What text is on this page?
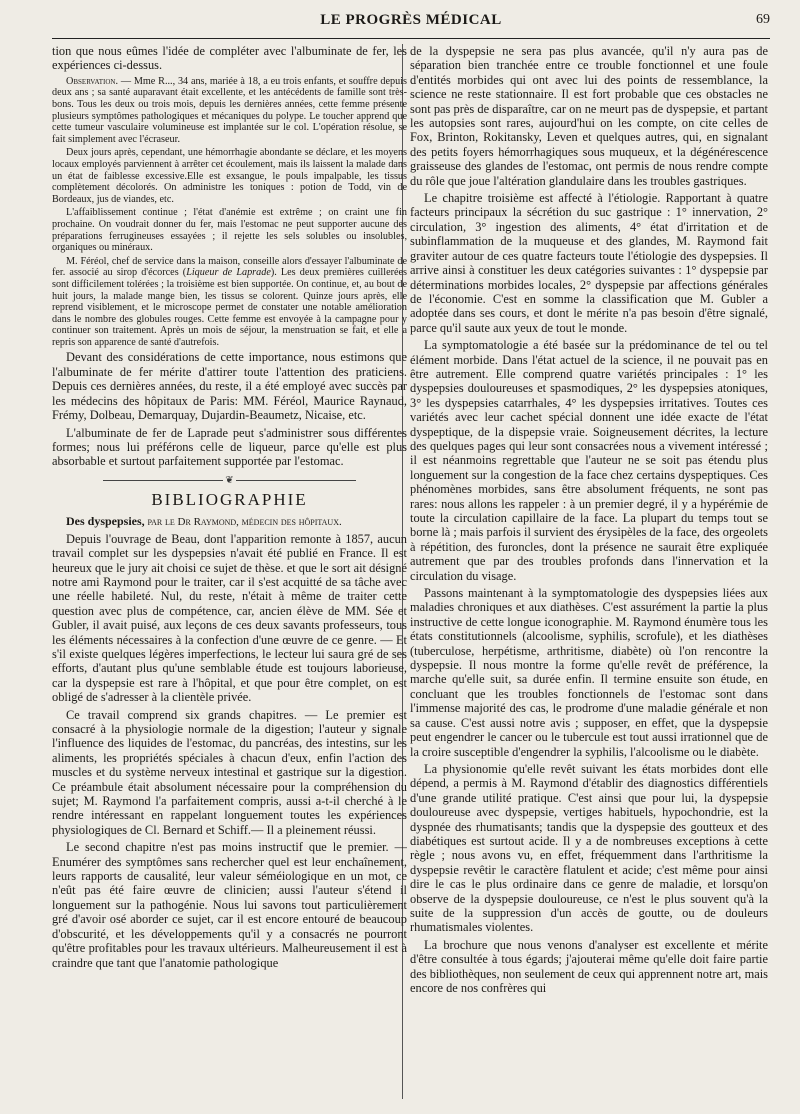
LE PROGRÈS MÉDICAL	69

tion que nous eûmes l'idée de compléter avec l'albuminate de fer, les expériences ci-dessus.

Observation. — Mme R..., 34 ans, mariée à 18, a eu trois enfants, et souffre depuis deux ans ; sa santé auparavant était excellente, et les antécédents de famille sont très-bons. Tous les deux ou trois mois, depuis les dernières années, cette femme présente plusieurs symptômes pathologiques et mécaniques du polype. Le toucher apprend que cette tumeur vasculaire volumineuse est implantée sur le col. L'opération résolue, se fait simplement avec l'écraseur.

Deux jours après, cependant, une hémorrhagie abondante se déclare, et les moyens locaux employés parviennent à arrêter cet écoulement, mais ils laissent la malade dans un état de faiblesse excessive.Elle est exsangue, le pouls impalpable, les tissus complètement décolorés. On administre les toniques : potion de Todd, vin de Bordeaux, jus de viandes, etc.

L'affaiblissement continue ; l'état d'anémie est extrême ; on craint une fin prochaine. On voudrait donner du fer, mais l'estomac ne peut supporter aucune des préparations ferrugineuses essayées ; il rejette les sels solubles ou insolubles, organiques ou minéraux.

M. Féréol, chef de service dans la maison, conseille alors d'essayer l'albuminate de fer. associé au sirop d'écorces (Liqueur de Laprade). Les deux premières cuillerées sont difficilement tolérées ; la troisième est bien supportée. On continue, et, au bout de huit jours, la malade mange bien, les tissus se colorent. Quinze jours après, elle reprend visiblement, et le microscope permet de constater une notable amélioration dans le nombre des globules rouges. Cette femme est envoyée à la campagne pour y continuer son traitement. Après un mois de séjour, la menstruation se fait, et elle a repris son apparence de santé d'autrefois.

Devant des considérations de cette importance, nous estimons que l'albuminate de fer mérite d'attirer toute l'attention des praticiens. Depuis ces dernières années, du reste, il a été employé avec succès par les médecins des hôpitaux de Paris: MM. Féréol, Maurice Raynaud, Frémy, Dolbeau, Demarquay, Dujardin-Beaumetz, Nicaise, etc.

L'albuminate de fer de Laprade peut s'administrer sous différentes formes; nous lui préférons celle de liqueur, parce qu'elle est plus absorbable et surtout parfaitement supportée par l'estomac.

❦
BIBLIOGRAPHIE

Des dyspepsies, par le Dr Raymond, médecin des hôpitaux.

Depuis l'ouvrage de Beau, dont l'apparition remonte à 1857, aucun travail complet sur les dyspepsies n'avait été publié en France. Il est heureux que le jury ait choisi ce sujet de thèse. et que le sort ait désigné notre ami Raymond pour le traiter, car il s'est acquitté de sa tâche avec une réelle habileté. Nul, du reste, n'était à même de traiter cette question avec plus de compétence, car, ancien élève de MM. Sée et Gubler, il avait puisé, aux leçons de ces deux savants professeurs, tous les éléments nécessaires à la confection d'une œuvre de ce genre. — Et s'il existe quelques légères imperfections, le lecteur lui saura gré de ses efforts, d'autant plus qu'une semblable étude est toujours laborieuse, car la dyspepsie est rare à l'hôpital, et que pour être complet, on est obligé de s'adresser à la clientèle privée.

Ce travail comprend six grands chapitres. — Le premier est consacré à la physiologie normale de la digestion; l'auteur y signale l'influence des liquides de l'estomac, du pancréas, des intestins, sur les aliments, les propriétés spéciales à chacun d'eux, enfin l'action des muscles et du système nerveux intestinal et gastrique sur la digestion. Ce préambule était absolument nécessaire pour la compréhension du sujet; M. Raymond l'a parfaitement compris, aussi a-t-il cherché à le rendre intéressant en rappelant longuement toutes les expériences physiologiques de Cl. Bernard et Schiff.— Il a pleinement réussi.

Le second chapitre n'est pas moins instructif que le premier. — Enumérer des symptômes sans rechercher quel est leur enchaînement, leurs rapports de causalité, leur valeur séméiologique en un mot, ce n'eût pas été faire œuvre de clinicien; aussi l'auteur s'étend il longuement sur la pathogénie. Nous lui savons tout particulièrement gré d'avoir osé aborder ce sujet, car il est encore entouré de beaucoup d'obscurité, et les développements qu'il y a consacrés ne pourront qu'être profitables pour les travaux ultérieurs. Malheureusement il est à craindre que tant que l'anatomie pathologique

de la dyspepsie ne sera pas plus avancée, qu'il n'y aura pas de séparation bien tranchée entre ce trouble fonctionnel et une foule d'entités morbides qui ont avec lui des points de ressemblance, la science ne reste stationnaire. Il est fort probable que ces obstacles ne sont pas près de disparaître, car on ne meurt pas de dyspepsie, et partant les autopsies sont rares, aujourd'hui on les compte, on cite celles de Fox, Brinton, Rokitansky, Leven et quelques autres, qui, en signalant des petits foyers hémorrhagiques sous muqueux, et la dégénérescence graisseuse des glandes de l'estomac, ont permis de nous rendre compte du rôle que joue l'altération glandulaire dans les troubles gastriques.

Le chapitre troisième est affecté à l'étiologie. Rapportant à quatre facteurs principaux la sécrétion du suc gastrique : 1° innervation, 2° circulation, 3° ingestion des aliments, 4° état d'irritation et de subinflammation de la muqueuse et des glandes, M. Raymond fait graviter autour de ces quatre facteurs toute l'étiologie des dyspepsies. Il arrive ainsi à constituer les deux catégories suivantes : 1° dyspepsie par déterminations morbides locales, 2° dyspepsie par affections générales de l'économie. C'est en somme la classification que M. Gubler a adoptée dans ses cours, et dont le mérite n'a pas besoin d'être signalé, parce qu'il saute aux yeux de tout le monde.

La symptomatologie a été basée sur la prédominance de tel ou tel élément morbide. Dans l'état actuel de la science, il ne pouvait pas en être autrement. Elle comprend quatre variétés principales : 1° les dyspepsies douloureuses et spasmodiques, 2° les dyspepsies atoniques, 3° les dyspepsies catarrhales, 4° les dyspepsies irritatives. Toutes ces variétés avec leur cachet spécial donnent une idée exacte de l'état dyspeptique, de la dispepsie vraie. Soigneusement décrites, la lecture des quelques pages qui leur sont consacrées nous a vivement intéressé ; il est néanmoins regrettable que l'auteur ne se soit pas étendu plus longuement sur la congestion de la face chez certains dyspeptiques. Ces phénomènes morbides, sans être absolument fréquents, ne sont pas rares: nous allons les rappeler : à un premier degré, il y a hypérémie de toute la circulation capillaire de la face. La plupart du temps tout se borne là ; mais parfois il survient des érysipèles de la face, des orgeolets à répétition, des furoncles, dont la présence ne saurait être expliquée autrement que par des troubles profonds dans l'innervation et la circulation du visage.

Passons maintenant à la symptomatologie des dyspepsies liées aux maladies chroniques et aux diathèses. C'est assurément la partie la plus instructive de cette longue iconographie. M. Raymond énumère tous les états constitutionnels (alcoolisme, syphilis, scrofule), et les diathèses (tuberculose, herpétisme, arthritisme, diabète) où l'on rencontre la dyspepsie. Il nous montre la forme qu'elle revêt de préférence, la marche qu'elle suit, sa durée enfin. Il termine ensuite son étude, en concluant que les troubles fonctionnels de l'estomac sont dans l'immense majorité des cas, le prodrome d'une maladie générale et non sa cause. C'est aussi notre avis ; supposer, en effet, que la dyspepsie peut engendrer le cancer ou le tubercule est tout aussi irrationnel que de la croire susceptible d'engendrer la syphilis, l'alcoolisme ou le diabète.

La physionomie qu'elle revêt suivant les états morbides dont elle dépend, a permis à M. Raymond d'établir des diagnostics différentiels d'une grande utilité pratique. C'est ainsi que pour lui, la dyspepsie douloureuse avec dyspepsie, vertiges habituels, hypochondrie, est la dyspnée des rhumatisants; tandis que la dyspepsie des goutteux et des diabétiques est surtout acide. Il y a de nombreuses exceptions à cette règle ; nous avons vu, en effet, fréquemment dans l'arthritisme la dyspepsie revêtir le caractère flatulent et acide; c'est même pour ainsi dire le cas le plus ordinaire dans ce genre de maladie, et lorsqu'on observe de la dyspepsie douloureuse, ce n'est le plus souvent qu'à la suite de la suppression d'un accès de goutte, ou de douleurs rhumatismales violentes.

La brochure que nous venons d'analyser est excellente et mérite d'être consultée à tous égards; j'ajouterai même qu'elle doit faire partie des bibliothèques, non seulement de ceux qui apprennent notre art, mais encore de nos confrères qui
